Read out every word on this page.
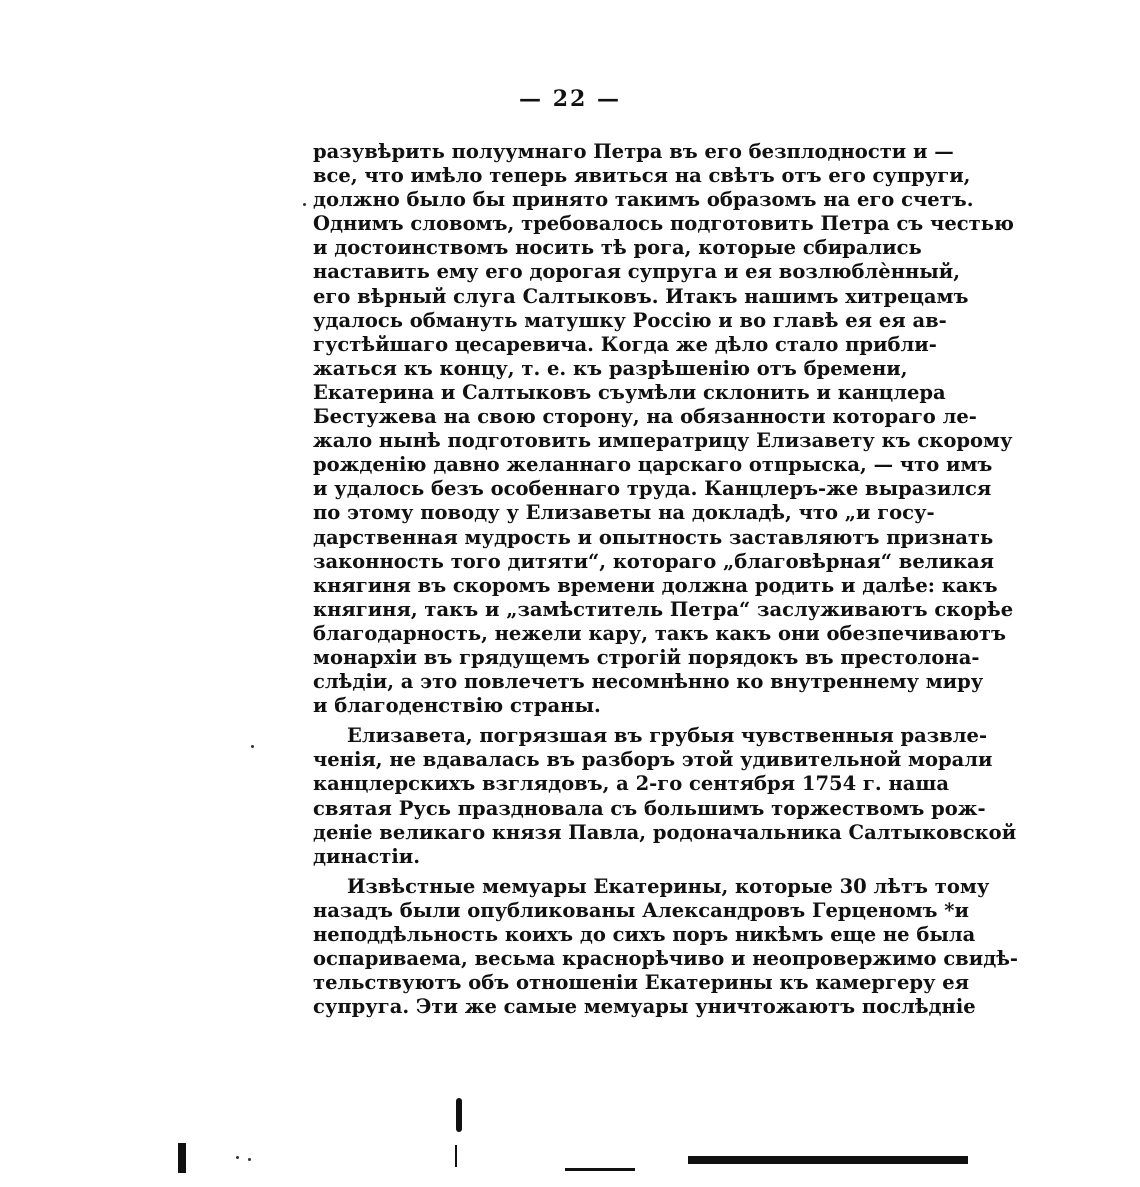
— 22 —
разувѣрить полуумнаго Петра въ его безплодности и —
все, что имѣло теперь явиться на свѣтъ отъ его супруги,
должно было бы принято такимъ образомъ на его счетъ.
Однимъ словомъ, требовалось подготовить Петра съ честью
и достоинствомъ носить тѣ рога, которые сбирались
наставить ему его дорогая супруга и ея возлюблѐнный,
его вѣрный слуга Салтыковъ. Итакъ нашимъ хитрецамъ
удалось обмануть матушку Россію и во главѣ ея ея ав-
густѣйшаго цесаревича. Когда же дѣло стало прибли-
жаться къ концу, т. е. къ разрѣшенію отъ бремени,
Екатерина и Салтыковъ съумѣли склонить и канцлера
Бестужева на свою сторону, на обязанности котораго ле-
жало нынѣ подготовить императрицу Елизавету къ скорому
рожденію давно желаннаго царскаго отпрыска, — что имъ
и удалось безъ особеннаго труда. Канцлеръ-же выразился
по этому поводу у Елизаветы на докладѣ, что „и госу-
дарственная мудрость и опытность заставляютъ признать
законность того дитяти“, котораго „благовѣрная“ великая
княгиня въ скоромъ времени должна родить и далѣе: какъ
княгиня, такъ и „замѣститель Петра“ заслуживаютъ скорѣе
благодарность, нежели кару, такъ какъ они обезпечиваютъ
монархіи въ грядущемъ строгій порядокъ въ престолона-
слѣдіи, а это повлечетъ несомнѣнно ко внутреннему миру
и благоденствію страны.
Елизавета, погрязшая въ грубыя чувственныя развле-
ченія, не вдавалась въ разборъ этой удивительной морали
канцлерскихъ взглядовъ, а 2-го сентября 1754 г. наша
святая Русь праздновала съ большимъ торжествомъ рож-
деніе великаго князя Павла, родоначальника Салтыковской
династіи.
Извѣстные мемуары Екатерины, которые 30 лѣтъ тому
назадъ были опубликованы Александровъ Герценомъ *и
неподдѣльность коихъ до сихъ поръ никѣмъ еще не была
оспариваема, весьма краснорѣчиво и неопровержимо свидѣ-
тельствуютъ объ отношеніи Екатерины къ камергеру ея
супруга. Эти же самые мемуары уничтожаютъ послѣдніе
